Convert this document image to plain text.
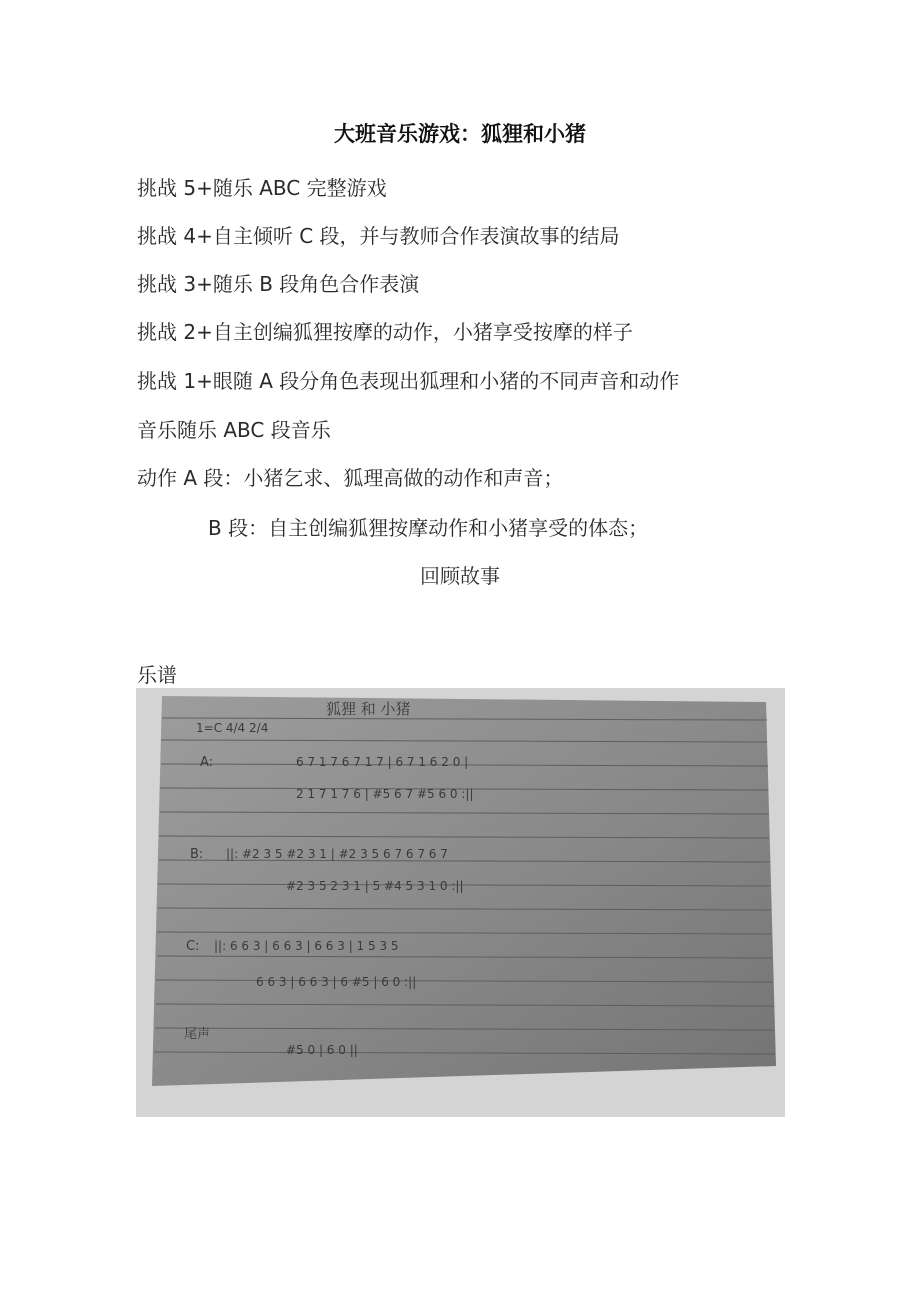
大班音乐游戏：狐狸和小猪
挑战 5+随乐 ABC 完整游戏
挑战 4+自主倾听 C 段，并与教师合作表演故事的结局
挑战 3+随乐 B 段角色合作表演
挑战 2+自主创编狐狸按摩的动作，小猪享受按摩的样子
挑战 1+眼随 A 段分角色表现出狐理和小猪的不同声音和动作
音乐随乐 ABC 段音乐
动作 A 段：小猪乞求、狐理高做的动作和声音；
B 段：自主创编狐狸按摩动作和小猪享受的体态；
回顾故事
乐谱
狐狸 和 小猪
1=C 4/4 2/4
A:	6 7 1 7 6 7 1 7 | 6 7 1 6 2 0 |
2 1 7 1 7 6 | #5 6 7 #5 6 0 :||
B: ||: #2 3 5 #2 3 1 | #2 3 5 6 7 6 7 6 7
#2 3 5 2 3 1 | 5 #4 5 3 1 0 :||
C: ||: 6 6 3 | 6 6 3 | 6 6 3 | 1 5 3 5
6 6 3 | 6 6 3 | 6 #5 | 6 0 :||
尾声
#5 0 | 6 0 ||
